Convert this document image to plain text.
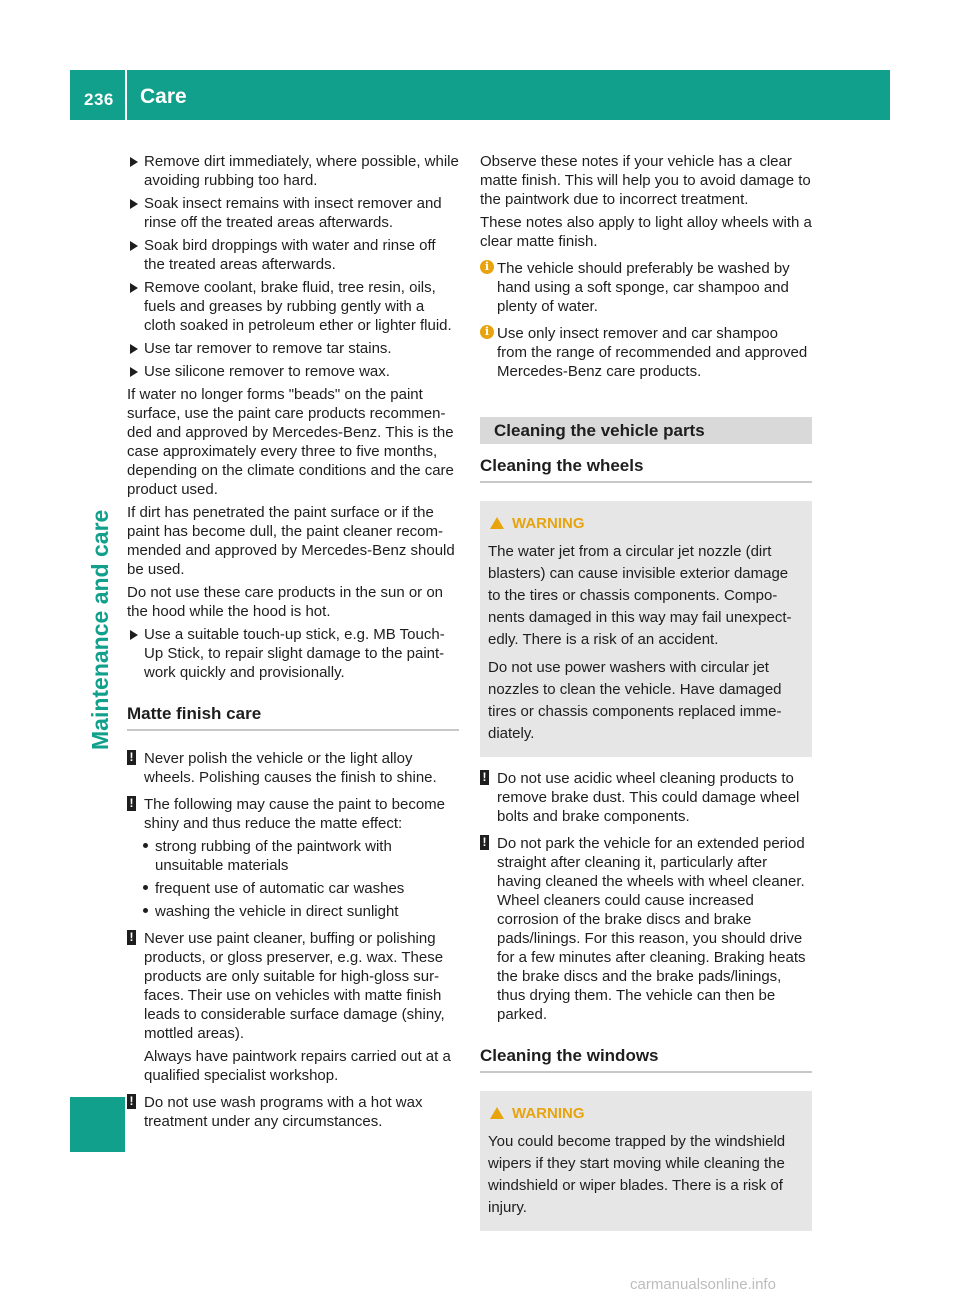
236 Care
Maintenance and care
Remove dirt immediately, where possible, while avoiding rubbing too hard.
Soak insect remains with insect remover and rinse off the treated areas afterwards.
Soak bird droppings with water and rinse off the treated areas afterwards.
Remove coolant, brake fluid, tree resin, oils, fuels and greases by rubbing gently with a cloth soaked in petroleum ether or lighter fluid.
Use tar remover to remove tar stains.
Use silicone remover to remove wax.

If water no longer forms "beads" on the paint surface, use the paint care products recommen-ded and approved by Mercedes-Benz. This is the case approximately every three to five months, depending on the climate conditions and the care product used.

If dirt has penetrated the paint surface or if the paint has become dull, the paint cleaner recom-mended and approved by Mercedes-Benz should be used.

Do not use these care products in the sun or on the hood while the hood is hot.

Use a suitable touch-up stick, e.g. MB Touch-Up Stick, to repair slight damage to the paint-work quickly and provisionally.
Matte finish care
! Never polish the vehicle or the light alloy wheels. Polishing causes the finish to shine.
! The following may cause the paint to become shiny and thus reduce the matte effect:
strong rubbing of the paintwork with unsuitable materials
frequent use of automatic car washes
washing the vehicle in direct sunlight
! Never use paint cleaner, buffing or polishing products, or gloss preserver, e.g. wax. These products are only suitable for high-gloss sur-faces. Their use on vehicles with matte finish leads to considerable surface damage (shiny, mottled areas).
Always have paintwork repairs carried out at a qualified specialist workshop.
! Do not use wash programs with a hot wax treatment under any circumstances.

Observe these notes if your vehicle has a clear matte finish. This will help you to avoid damage to the paintwork due to incorrect treatment.

These notes also apply to light alloy wheels with a clear matte finish.

i The vehicle should preferably be washed by hand using a soft sponge, car shampoo and plenty of water.
i Use only insect remover and car shampoo from the range of recommended and approved Mercedes-Benz care products.
Cleaning the vehicle parts
Cleaning the wheels
WARNING
The water jet from a circular jet nozzle (dirt blasters) can cause invisible exterior damage to the tires or chassis components. Compo-nents damaged in this way may fail unexpect-edly. There is a risk of an accident.
Do not use power washers with circular jet nozzles to clean the vehicle. Have damaged tires or chassis components replaced imme-diately.
! Do not use acidic wheel cleaning products to remove brake dust. This could damage wheel bolts and brake components.
! Do not park the vehicle for an extended period straight after cleaning it, particularly after having cleaned the wheels with wheel cleaner. Wheel cleaners could cause increased corrosion of the brake discs and brake pads/linings. For this reason, you should drive for a few minutes after cleaning. Braking heats the brake discs and the brake pads/linings, thus drying them. The vehicle can then be parked.
Cleaning the windows
WARNING
You could become trapped by the windshield wipers if they start moving while cleaning the windshield or wiper blades. There is a risk of injury.
carmanualsonline.info
